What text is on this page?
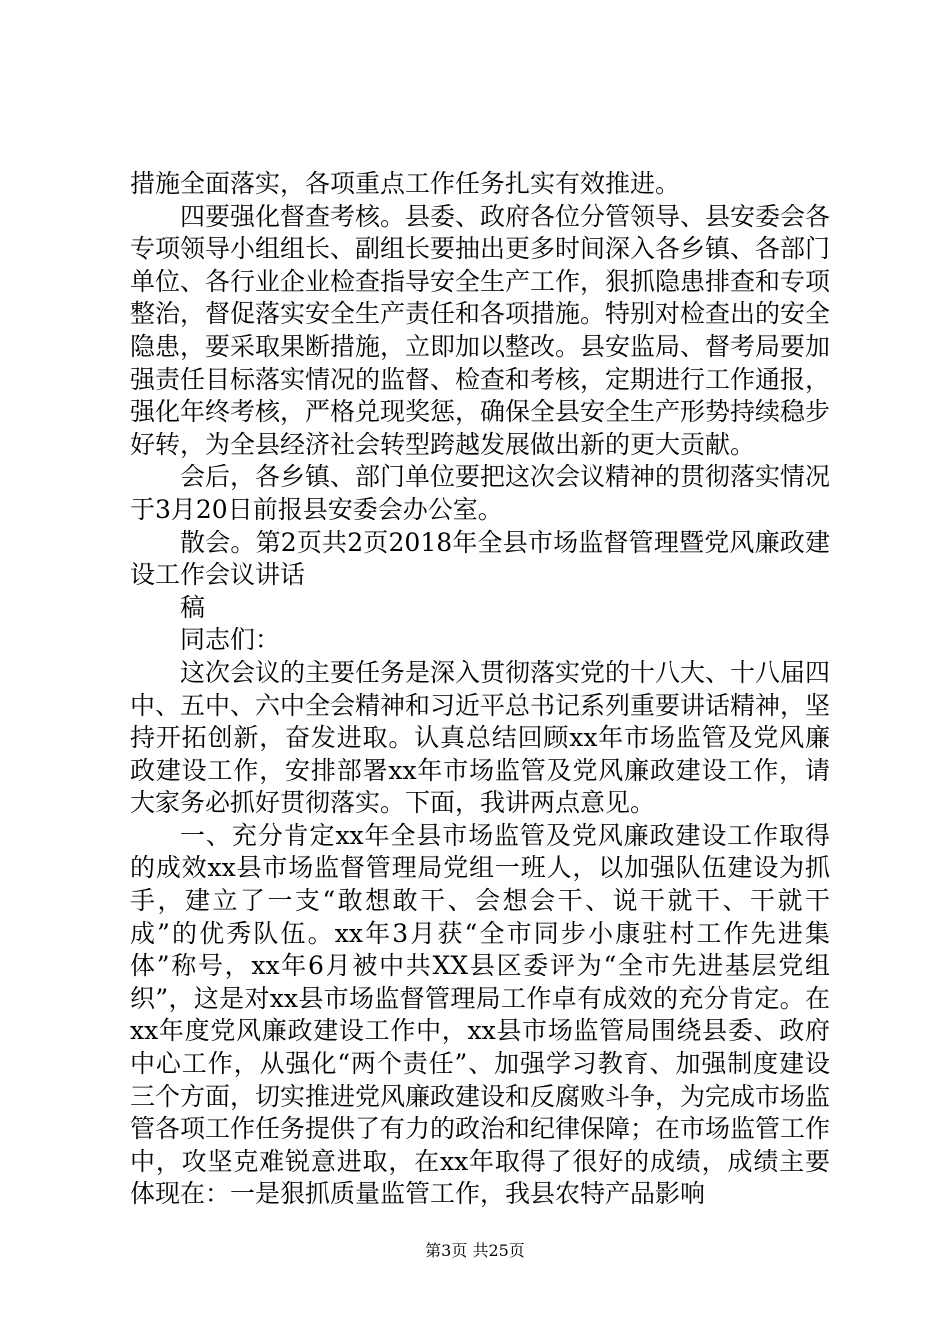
措施全面落实，各项重点工作任务扎实有效推进。

四要强化督查考核。县委、政府各位分管领导、县安委会各专项领导小组组长、副组长要抽出更多时间深入各乡镇、各部门单位、各行业企业检查指导安全生产工作，狠抓隐患排查和专项整治，督促落实安全生产责任和各项措施。特别对检查出的安全隐患，要采取果断措施，立即加以整改。县安监局、督考局要加强责任目标落实情况的监督、检查和考核，定期进行工作通报，强化年终考核，严格兑现奖惩，确保全县安全生产形势持续稳步好转，为全县经济社会转型跨越发展做出新的更大贡献。

会后，各乡镇、部门单位要把这次会议精神的贯彻落实情况于3月20日前报县安委会办公室。

散会。第2页共2页2018年全县市场监督管理暨党风廉政建设工作会议讲话

稿

同志们：

这次会议的主要任务是深入贯彻落实党的十八大、十八届四中、五中、六中全会精神和习近平总书记系列重要讲话精神，坚持开拓创新，奋发进取。认真总结回顾xx年市场监管及党风廉政建设工作，安排部署xx年市场监管及党风廉政建设工作，请大家务必抓好贯彻落实。下面，我讲两点意见。

一、充分肯定xx年全县市场监管及党风廉政建设工作取得的成效xx县市场监督管理局党组一班人，以加强队伍建设为抓手，建立了一支“敢想敢干、会想会干、说干就干、干就干成”的优秀队伍。xx年3月获“全市同步小康驻村工作先进集体”称号，xx年6月被中共XX县区委评为“全市先进基层党组织”，这是对xx县市场监督管理局工作卓有成效的充分肯定。在xx年度党风廉政建设工作中，xx县市场监管局围绕县委、政府中心工作，从强化“两个责任”、加强学习教育、加强制度建设三个方面，切实推进党风廉政建设和反腐败斗争，为完成市场监管各项工作任务提供了有力的政治和纪律保障；在市场监管工作中，攻坚克难锐意进取，在xx年取得了很好的成绩，成绩主要体现在：一是狠抓质量监管工作，我县农特产品影响

第3页 共25页
